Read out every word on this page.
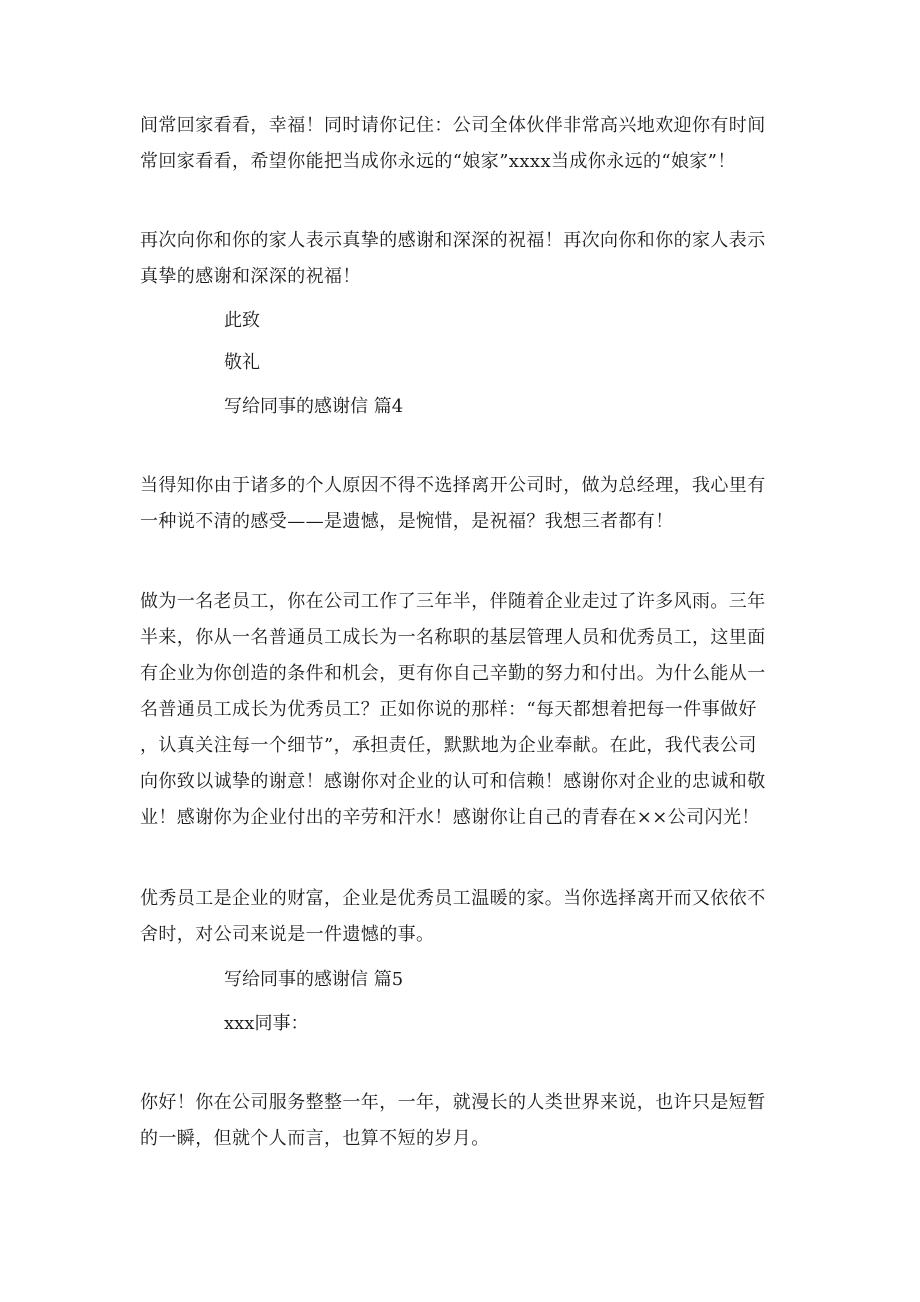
间常回家看看，幸福！同时请你记住：公司全体伙伴非常高兴地欢迎你有时间
常回家看看，希望你能把当成你永远的“娘家”xxxx当成你永远的“娘家”！

再次向你和你的家人表示真挚的感谢和深深的祝福！再次向你和你的家人表示
真挚的感谢和深深的祝福！

此致

敬礼

写给同事的感谢信 篇4

当得知你由于诸多的个人原因不得不选择离开公司时，做为总经理，我心里有
一种说不清的感受——是遗憾，是惋惜，是祝福？我想三者都有！

做为一名老员工，你在公司工作了三年半，伴随着企业走过了许多风雨。三年
半来，你从一名普通员工成长为一名称职的基层管理人员和优秀员工，这里面
有企业为你创造的条件和机会，更有你自己辛勤的努力和付出。为什么能从一
名普通员工成长为优秀员工？正如你说的那样：“每天都想着把每一件事做好
，认真关注每一个细节”，承担责任，默默地为企业奉献。在此，我代表公司
向你致以诚挚的谢意！感谢你对企业的认可和信赖！感谢你对企业的忠诚和敬
业！感谢你为企业付出的辛劳和汗水！感谢你让自己的青春在××公司闪光！

优秀员工是企业的财富，企业是优秀员工温暖的家。当你选择离开而又依依不
舍时，对公司来说是一件遗憾的事。

写给同事的感谢信 篇5

xxx同事：

你好！你在公司服务整整一年，一年，就漫长的人类世界来说，也许只是短暂
的一瞬，但就个人而言，也算不短的岁月。
